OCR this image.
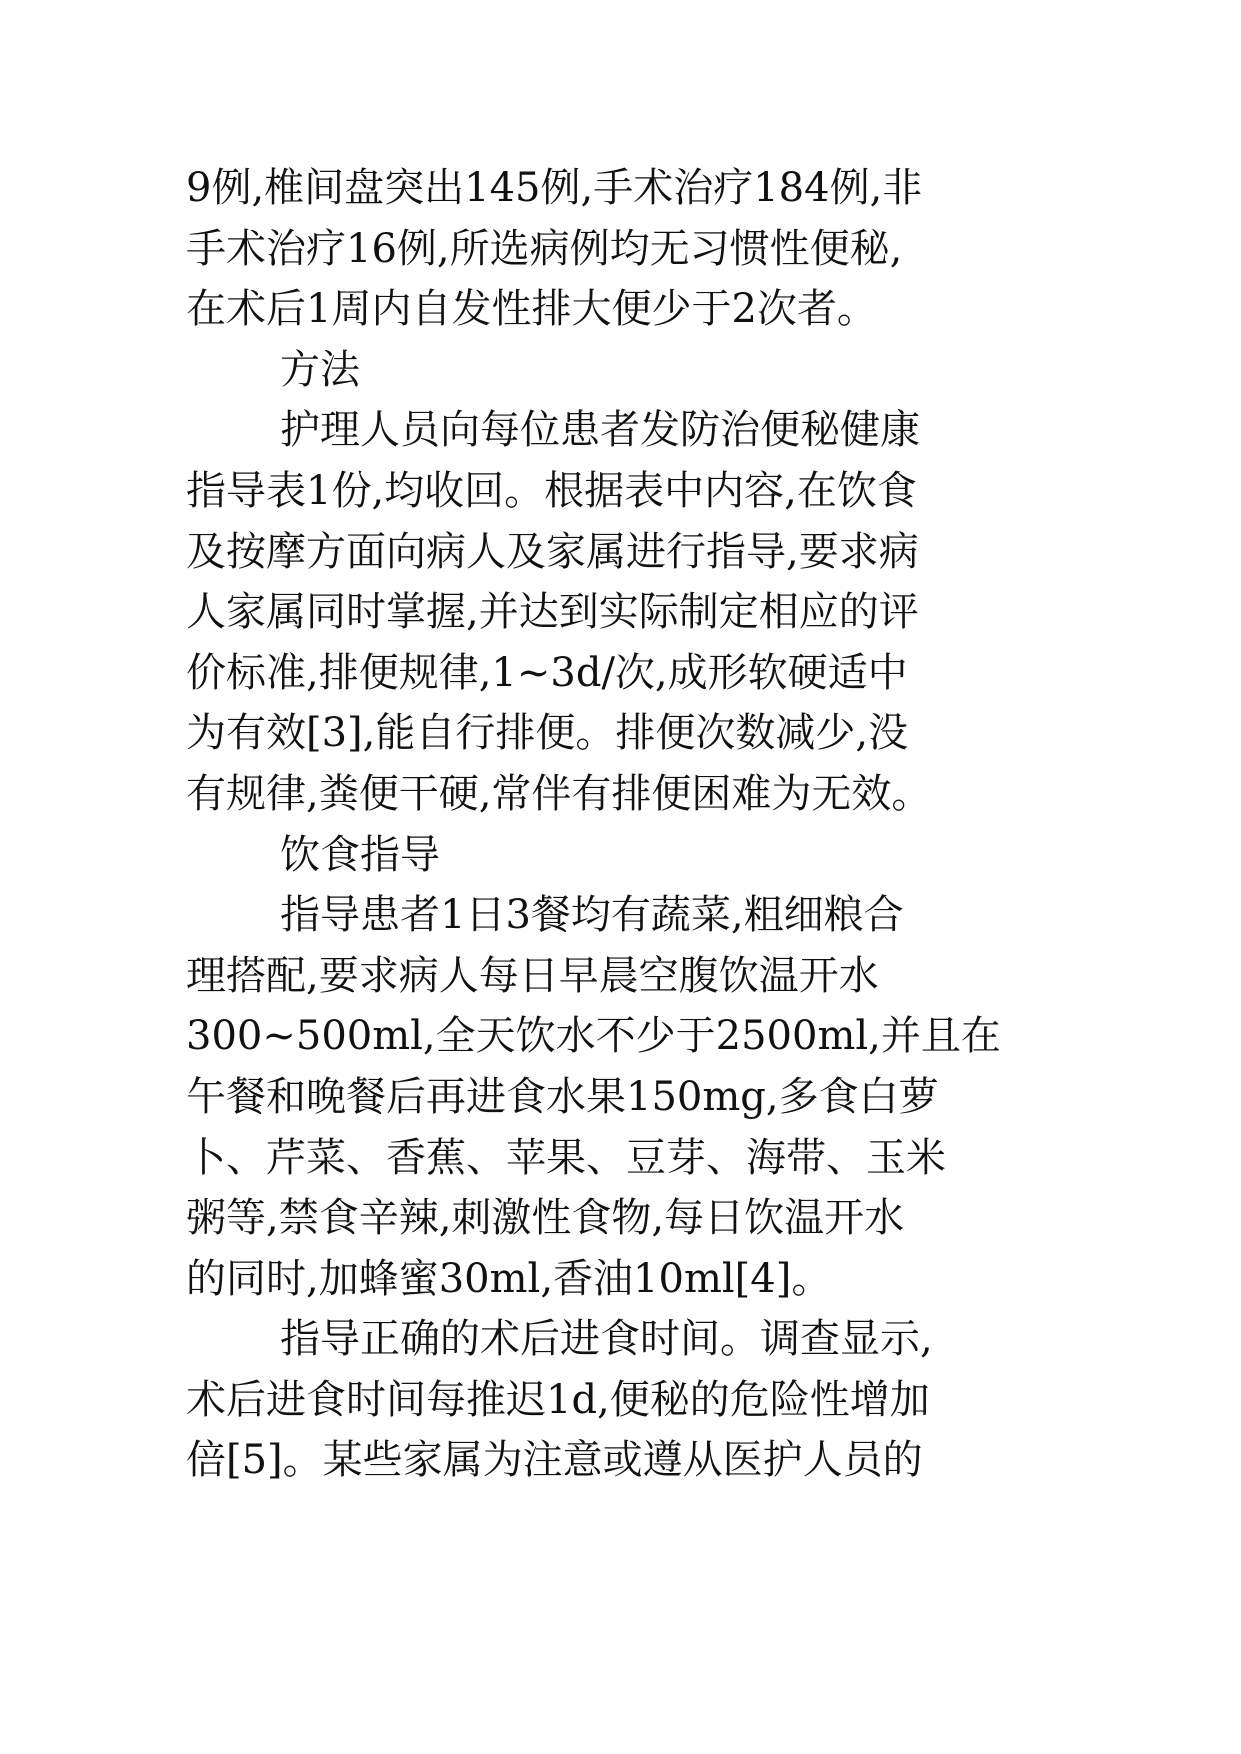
9例,椎间盘突出145例,手术治疗184例,非
手术治疗16例,所选病例均无习惯性便秘,
在术后1周内自发性排大便少于2次者。
方法
护理人员向每位患者发防治便秘健康
指导表1份,均收回。根据表中内容,在饮食
及按摩方面向病人及家属进行指导,要求病
人家属同时掌握,并达到实际制定相应的评
价标准,排便规律,1~3d/次,成形软硬适中
为有效[3],能自行排便。排便次数减少,没
有规律,粪便干硬,常伴有排便困难为无效。
饮食指导
指导患者1日3餐均有蔬菜,粗细粮合
理搭配,要求病人每日早晨空腹饮温开水
300~500ml,全天饮水不少于2500ml,并且在
午餐和晚餐后再进食水果150mg,多食白萝
卜、芹菜、香蕉、苹果、豆芽、海带、玉米
粥等,禁食辛辣,刺激性食物,每日饮温开水
的同时,加蜂蜜30ml,香油10ml[4]。
指导正确的术后进食时间。调查显示,
术后进食时间每推迟1d,便秘的危险性增加
倍[5]。某些家属为注意或遵从医护人员的
